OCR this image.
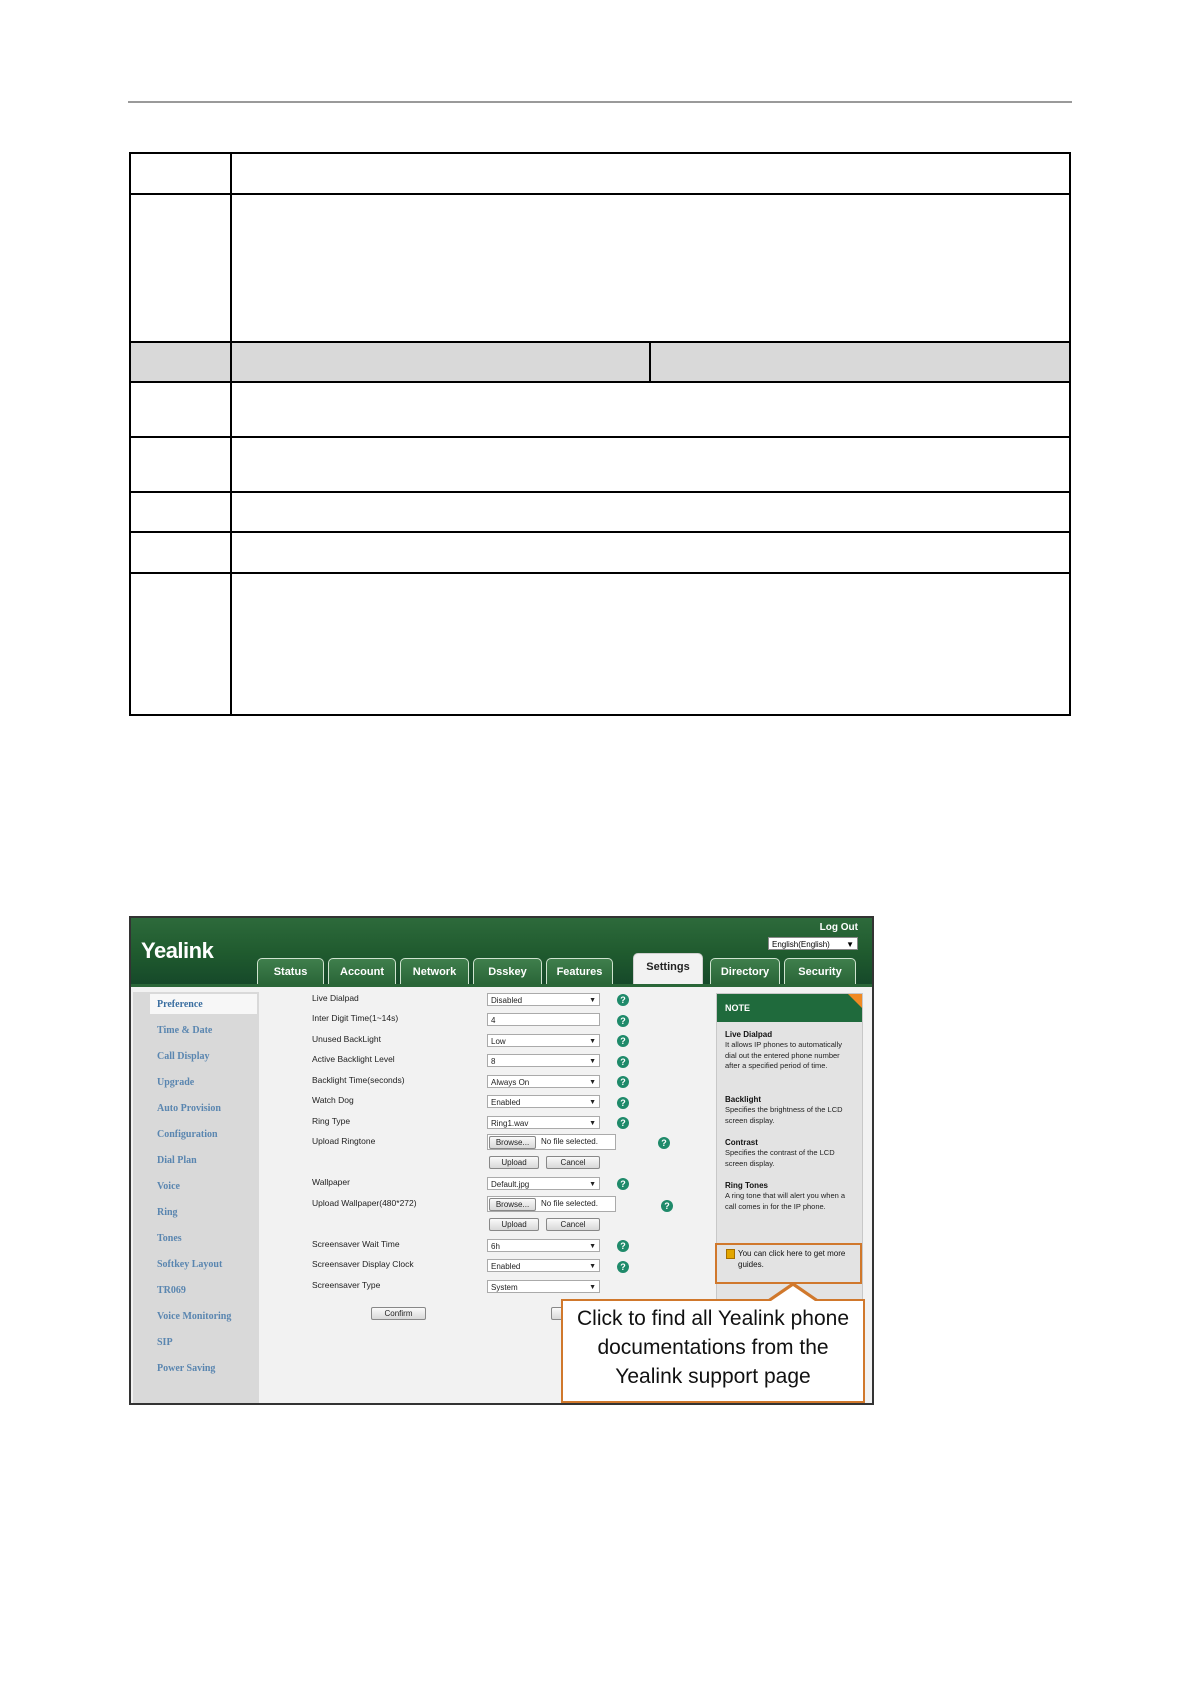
Yealink
Log Out
English(English) ▼
Status	Account	Network	Dsskey	Features	Settings	Directory	Security
Preference
Time & Date
Call Display
Upgrade
Auto Provision
Configuration
Dial Plan
Voice
Ring
Tones
Softkey Layout
TR069
Voice Monitoring
SIP
Power Saving
Live Dialpad	Disabled	▼	?
Inter Digit Time(1~14s)	4	?
Unused BackLight	Low	▼	?
Active Backlight Level	8	▼	?
Backlight Time(seconds)	Always On	▼	?
Watch Dog	Enabled	▼	?
Ring Type	Ring1.wav	▼	?
Upload Ringtone	Browse...	No file selected.	?
Upload	Cancel
Wallpaper	Default.jpg	▼	?
Upload Wallpaper(480*272)	Browse...	No file selected.	?
Upload	Cancel
Screensaver Wait Time	6h	▼	?
Screensaver Display Clock	Enabled	▼	?
Screensaver Type	System	▼
Confirm
NOTE
Live Dialpad
It allows IP phones to automatically dial out the entered phone number after a specified period of time.
Backlight
Specifies the brightness of the LCD screen display.
Contrast
Specifies the contrast of the LCD screen display.
Ring Tones
A ring tone that will alert you when a call comes in for the IP phone.
You can click here to get more guides.
Click to find all Yealink phone documentations from the Yealink support page
